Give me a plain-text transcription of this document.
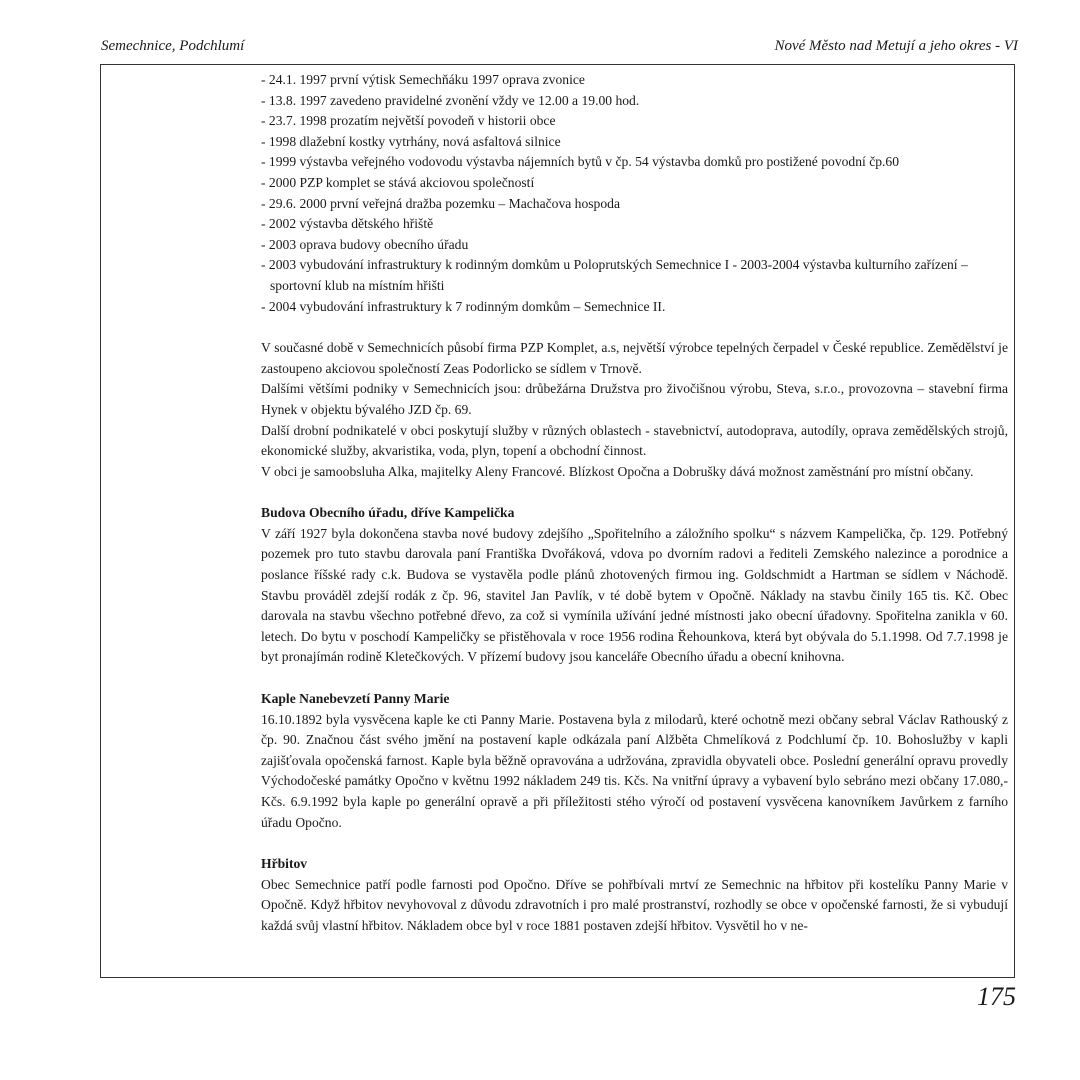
Semechnice, Podchlumí	Nové Město nad Metují a jeho okres - VI
- 24.1. 1997 první výtisk Semechňáku 1997 oprava zvonice
- 13.8. 1997 zavedeno pravidelné zvonění vždy ve 12.00 a 19.00 hod.
- 23.7. 1998 prozatím největší povodeň v historii obce
- 1998 dlažební kostky vytrhány, nová asfaltová silnice
- 1999 výstavba veřejného vodovodu výstavba nájemních bytů v čp. 54 výstavba domků pro postižené povodní čp.60
- 2000 PZP komplet se stává akciovou společností
- 29.6. 2000 první veřejná dražba pozemku – Machačova hospoda
- 2002 výstavba dětského hřiště
- 2003 oprava budovy obecního úřadu
- 2003 vybudování infrastruktury k rodinným domkům u Poloprutských Semechnice I - 2003-2004 výstavba kulturního zařízení – sportovní klub na místním hřišti
- 2004 vybudování infrastruktury k 7 rodinným domkům – Semechnice II.

V současné době v Semechnicích působí firma PZP Komplet, a.s, největší výrobce tepelných čerpadel v České republice. Zemědělství je zastoupeno akciovou společností Zeas Podorlicko se sídlem v Trnově.

Dalšími většími podniky v Semechnicích jsou: drůbežárna Družstva pro živočišnou výrobu, Steva, s.r.o., provozovna – stavební firma Hynek v objektu bývalého JZD čp. 69.

Další drobní podnikatelé v obci poskytují služby v různých oblastech - stavebnictví, autodoprava, autodíly, oprava zemědělských strojů, ekonomické služby, akvaristika, voda, plyn, topení a obchodní činnost.

V obci je samoobsluha Alka, majitelky Aleny Francové. Blízkost Opočna a Dobrušky dává možnost zaměstnání pro místní občany.

Budova Obecního úřadu, dříve Kampelička

V září 1927 byla dokončena stavba nové budovy zdejšího „Spořitelního a záložního spolku“ s názvem Kampelička, čp. 129. Potřebný pozemek pro tuto stavbu darovala paní Františka Dvořáková, vdova po dvorním radovi a řediteli Zemského nalezince a porodnice a poslance říšské rady c.k. Budova se vystavěla podle plánů zhotovených firmou ing. Goldschmidt a Hartman se sídlem v Náchodě. Stavbu prováděl zdejší rodák z čp. 96, stavitel Jan Pavlík, v té době bytem v Opočně. Náklady na stavbu činily 165 tis. Kč. Obec darovala na stavbu všechno potřebné dřevo, za což si vymínila užívání jedné místnosti jako obecní úřadovny. Spořitelna zanikla v 60. letech. Do bytu v poschodí Kampeličky se přistěhovala v roce 1956 rodina Řehounkova, která byt obývala do 5.1.1998. Od 7.7.1998 je byt pronajímán rodině Kletečkových. V přízemí budovy jsou kanceláře Obecního úřadu a obecní knihovna.

Kaple Nanebevzetí Panny Marie

16.10.1892 byla vysvěcena kaple ke cti Panny Marie. Postavena byla z milodarů, které ochotně mezi občany sebral Václav Rathouský z čp. 90. Značnou část svého jmění na postavení kaple odkázala paní Alžběta Chmelíková z Podchlumí čp. 10. Bohoslužby v kapli zajišťovala opočenská farnost. Kaple byla běžně opravována a udržována, zpravidla obyvateli obce. Poslední generální opravu provedly Východočeské památky Opočno v květnu 1992 nákladem 249 tis. Kčs. Na vnitřní úpravy a vybavení bylo sebráno mezi občany 17.080,- Kčs. 6.9.1992 byla kaple po generální opravě a při příležitosti stého výročí od postavení vysvěcena kanovníkem Javůrkem z farního úřadu Opočno.

Hřbitov

Obec Semechnice patří podle farnosti pod Opočno. Dříve se pohřbívali mrtví ze Semechnic na hřbitov při kostelíku Panny Marie v Opočně. Když hřbitov nevyhovoval z důvodu zdravotních i pro malé prostranství, rozhodly se obce v opočenské farnosti, že si vybudují každá svůj vlastní hřbitov. Nákladem obce byl v roce 1881 postaven zdejší hřbitov. Vysvětil ho v ne-

175
